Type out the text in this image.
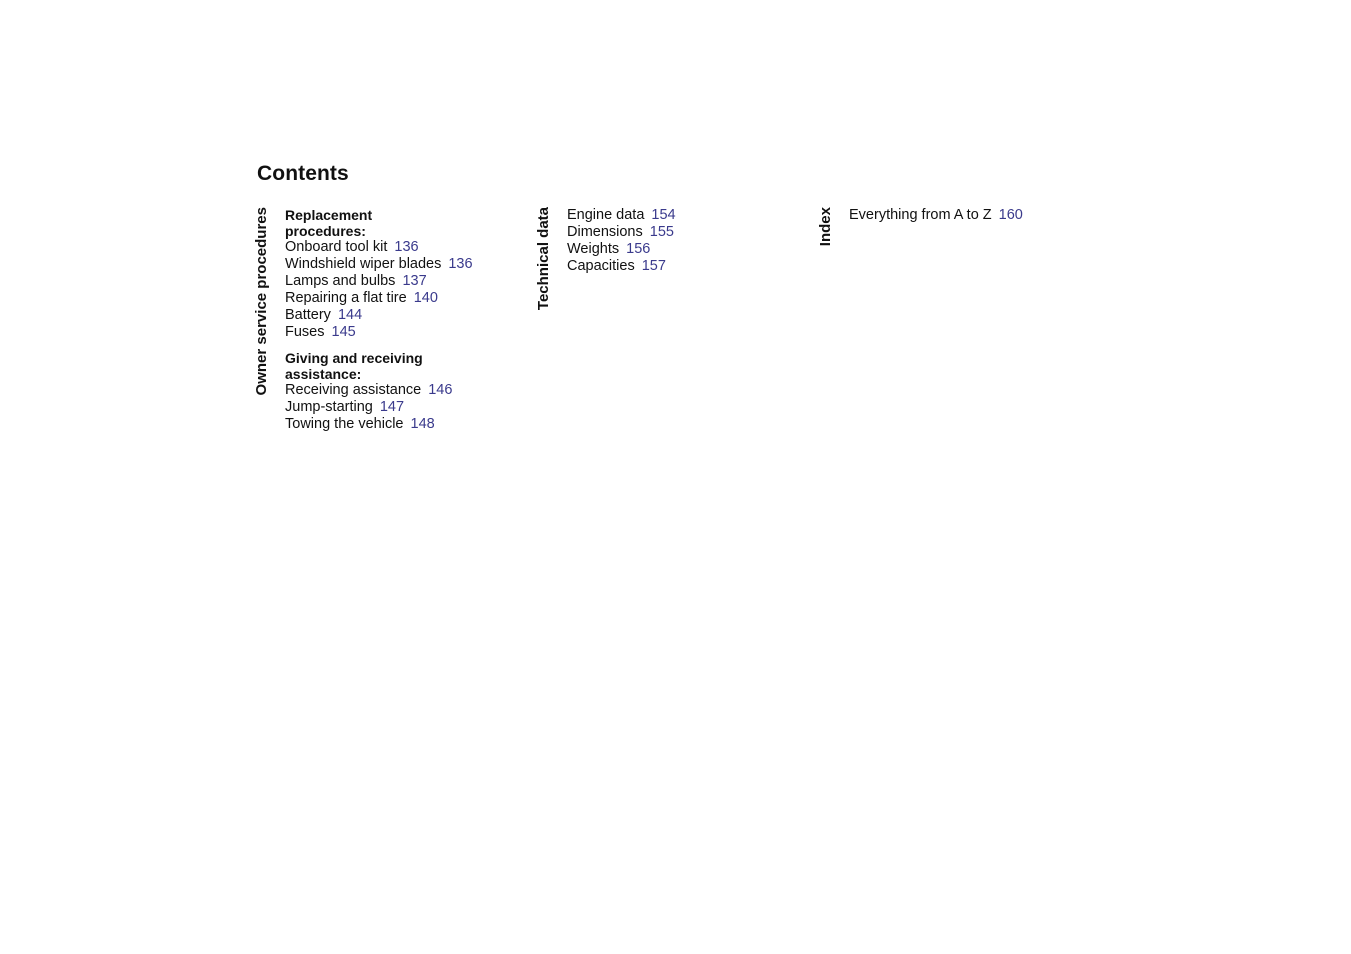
Contents
Owner service procedures Replacement procedures:
Onboard tool kit 136
Windshield wiper blades 136
Lamps and bulbs 137
Repairing a flat tire 140
Battery 144
Fuses 145
Giving and receiving assistance:
Receiving assistance 146
Jump-starting 147
Towing the vehicle 148
Technical data Engine data 154
Dimensions 155
Weights 156
Capacities 157
Index Everything from A to Z 160
